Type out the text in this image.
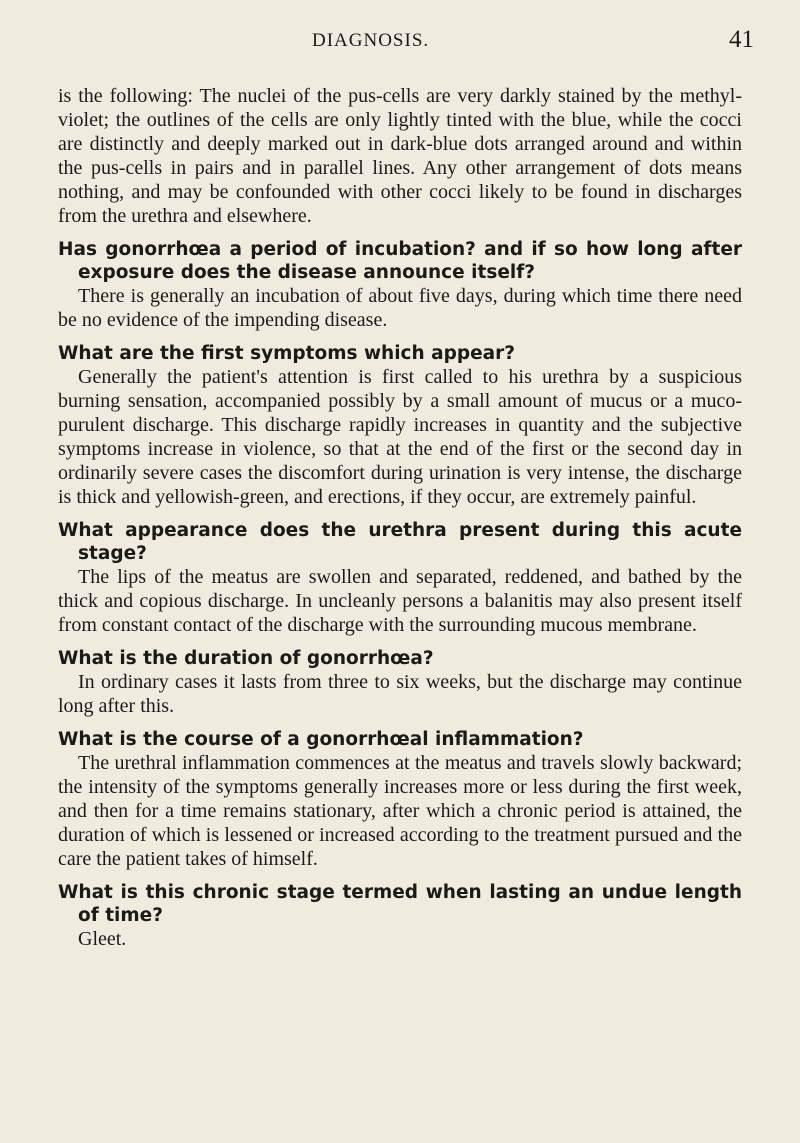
DIAGNOSIS.	41

is the following: The nuclei of the pus-cells are very darkly stained by the methyl-violet; the outlines of the cells are only lightly tinted with the blue, while the cocci are distinctly and deeply marked out in dark-blue dots arranged around and within the pus-cells in pairs and in parallel lines. Any other arrangement of dots means nothing, and may be confounded with other cocci likely to be found in discharges from the urethra and elsewhere.

Has gonorrhœa a period of incubation? and if so how long after exposure does the disease announce itself?

There is generally an incubation of about five days, during which time there need be no evidence of the impending disease.

What are the first symptoms which appear?

Generally the patient's attention is first called to his urethra by a suspicious burning sensation, accompanied possibly by a small amount of mucus or a muco-purulent discharge. This discharge rapidly increases in quantity and the subjective symptoms increase in violence, so that at the end of the first or the second day in ordinarily severe cases the discomfort during urination is very intense, the discharge is thick and yellowish-green, and erections, if they occur, are extremely painful.

What appearance does the urethra present during this acute stage?

The lips of the meatus are swollen and separated, reddened, and bathed by the thick and copious discharge. In uncleanly persons a balanitis may also present itself from constant contact of the discharge with the surrounding mucous membrane.

What is the duration of gonorrhœa?

In ordinary cases it lasts from three to six weeks, but the discharge may continue long after this.

What is the course of a gonorrhœal inflammation?

The urethral inflammation commences at the meatus and travels slowly backward; the intensity of the symptoms generally increases more or less during the first week, and then for a time remains stationary, after which a chronic period is attained, the duration of which is lessened or increased according to the treatment pursued and the care the patient takes of himself.

What is this chronic stage termed when lasting an undue length of time?

Gleet.
